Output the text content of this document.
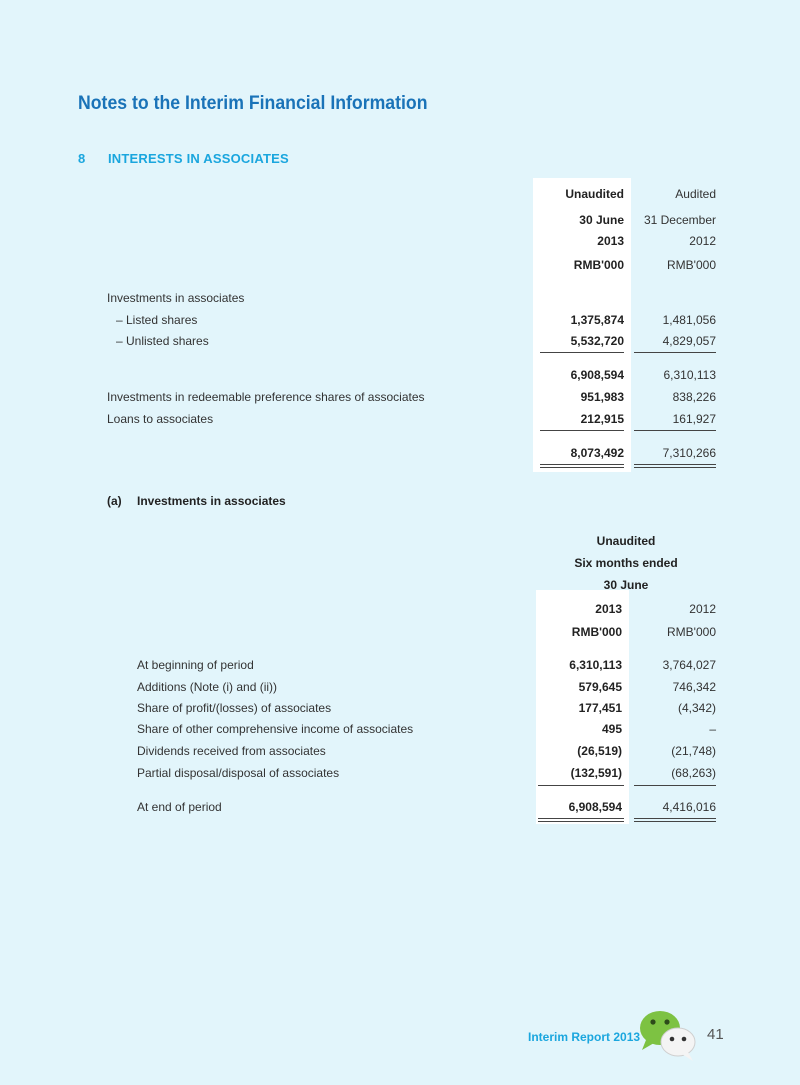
Notes to the Interim Financial Information
8 INTERESTS IN ASSOCIATES
Unaudited	Audited
30 June	31 December
2013	2012
RMB'000	RMB'000
Investments in associates
– Listed shares	1,375,874	1,481,056
– Unlisted shares	5,532,720	4,829,057
6,908,594	6,310,113
Investments in redeemable preference shares of associates	951,983	838,226
Loans to associates	212,915	161,927
8,073,492	7,310,266
(a) Investments in associates
Unaudited
Six months ended
30 June
2013	2012
RMB'000	RMB'000
At beginning of period	6,310,113	3,764,027
Additions (Note (i) and (ii))	579,645	746,342
Share of profit/(losses) of associates	177,451	(4,342)
Share of other comprehensive income of associates	495	–
Dividends received from associates	(26,519)	(21,748)
Partial disposal/disposal of associates	(132,591)	(68,263)
At end of period	6,908,594	4,416,016
Interim Report 2013	41
